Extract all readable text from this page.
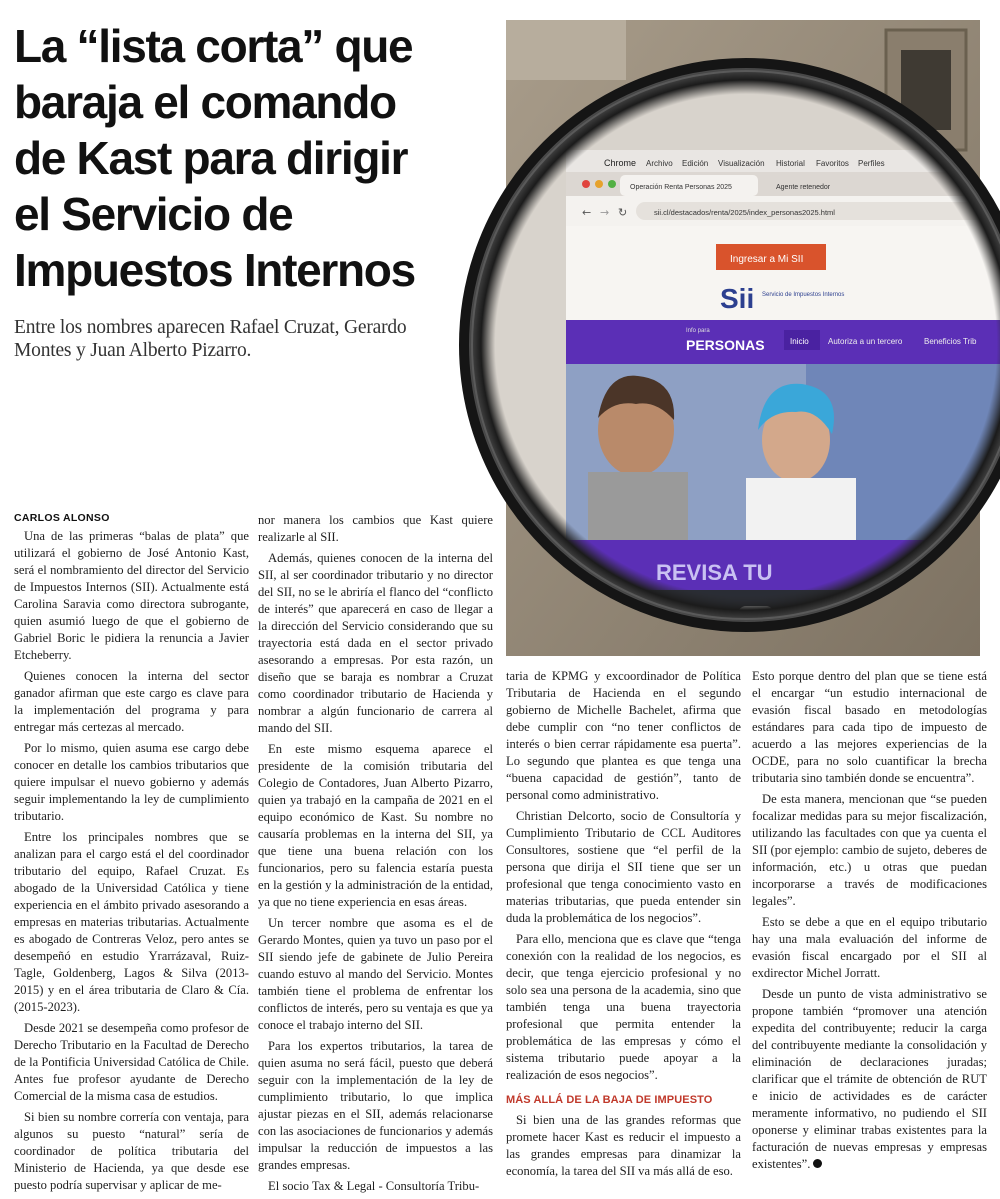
La “lista corta” que
baraja el comando
de Kast para dirigir
el Servicio de
Impuestos Internos
Entre los nombres aparecen Rafael Cruzat, Gerardo
Montes y Juan Alberto Pizarro.
CARLOS ALONSO

Una de las primeras “balas de plata” que utilizará el gobierno de José Antonio Kast, será el nombramiento del director del Servicio de Impuestos Internos (SII). Actualmente está Carolina Saravia como directora subrogante, quien asumió luego de que el gobierno de Gabriel Boric le pidiera la renuncia a Javier Etcheberry.

Quienes conocen la interna del sector ganador afirman que este cargo es clave para la implementación del programa y para entregar más certezas al mercado.

Por lo mismo, quien asuma ese cargo debe conocer en detalle los cambios tributarios que quiere impulsar el nuevo gobierno y además seguir implementando la ley de cumplimiento tributario.

Entre los principales nombres que se analizan para el cargo está el del coordinador tributario del equipo, Rafael Cruzat. Es abogado de la Universidad Católica y tiene experiencia en el ámbito privado asesorando a empresas en materias tributarias. Actualmente es abogado de Contreras Veloz, pero antes se desempeñó en estudio Yrarrázaval, Ruiz-Tagle, Goldenberg, Lagos & Silva (2013-2015) y en el área tributaria de Claro & Cía. (2015-2023).

Desde 2021 se desempeña como profesor de Derecho Tributario en la Facultad de Derecho de la Pontificia Universidad Católica de Chile. Antes fue profesor ayudante de Derecho Comercial de la misma casa de estudios.

Si bien su nombre correría con ventaja, para algunos su puesto “natural” sería de coordinador de política tributaria del Ministerio de Hacienda, ya que desde ese puesto podría supervisar y aplicar de me-

nor manera los cambios que Kast quiere realizarle al SII.

Además, quienes conocen de la interna del SII, al ser coordinador tributario y no director del SII, no se le abriría el flanco del “conflicto de interés” que aparecerá en caso de llegar a la dirección del Servicio considerando que su trayectoria está dada en el sector privado asesorando a empresas. Por esta razón, un diseño que se baraja es nombrar a Cruzat como coordinador tributario de Hacienda y nombrar a algún funcionario de carrera al mando del SII.

En este mismo esquema aparece el presidente de la comisión tributaria del Colegio de Contadores, Juan Alberto Pizarro, quien ya trabajó en la campaña de 2021 en el equipo económico de Kast. Su nombre no causaría problemas en la interna del SII, ya que tiene una buena relación con los funcionarios, pero su falencia estaría puesta en la gestión y la administración de la entidad, ya que no tiene experiencia en esas áreas.

Un tercer nombre que asoma es el de Gerardo Montes, quien ya tuvo un paso por el SII siendo jefe de gabinete de Julio Pereira cuando estuvo al mando del Servicio. Montes también tiene el problema de enfrentar los conflictos de interés, pero su ventaja es que ya conoce el trabajo interno del SII.

Para los expertos tributarios, la tarea de quien asuma no será fácil, puesto que deberá seguir con la implementación de la ley de cumplimiento tributario, lo que implica ajustar piezas en el SII, además relacionarse con las asociaciones de funcionarios y además impulsar la reducción de impuestos a las grandes empresas.

El socio Tax & Legal - Consultoría Tribu-

taria de KPMG y excoordinador de Política Tributaria de Hacienda en el segundo gobierno de Michelle Bachelet, afirma que debe cumplir con “no tener conflictos de interés o bien cerrar rápidamente esa puerta”. Lo segundo que plantea es que tenga una “buena capacidad de gestión”, tanto de personal como administrativo.

Christian Delcorto, socio de Consultoría y Cumplimiento Tributario de CCL Auditores Consultores, sostiene que “el perfil de la persona que dirija el SII tiene que ser un profesional que tenga conocimiento vasto en materias tributarias, que pueda entender sin duda la problemática de los negocios”.

Para ello, menciona que es clave que “tenga conexión con la realidad de los negocios, es decir, que tenga ejercicio profesional y no solo sea una persona de la academia, sino que también tenga una buena trayectoria profesional que permita entender la problemática de las empresas y cómo el sistema tributario puede apoyar a la realización de esos negocios”.

MÁS ALLÁ DE LA BAJA DE IMPUESTO

Si bien una de las grandes reformas que promete hacer Kast es reducir el impuesto a las grandes empresas para dinamizar la economía, la tarea del SII va más allá de eso.

Esto porque dentro del plan que se tiene está el encargar “un estudio internacional de evasión fiscal basado en metodologías estándares para cada tipo de impuesto de acuerdo a las mejores experiencias de la OCDE, para no solo cuantificar la brecha tributaria sino también donde se encuentra”.

De esta manera, mencionan que “se pueden focalizar medidas para su mejor fiscalización, utilizando las facultades con que ya cuenta el SII (por ejemplo: cambio de sujeto, deberes de información, etc.) u otras que puedan incorporarse a través de modificaciones legales”.

Esto se debe a que en el equipo tributario hay una mala evaluación del informe de evasión fiscal encargado por el SII al exdirector Michel Jorratt.

Desde un punto de vista administrativo se propone también “promover una atención expedita del contribuyente; reducir la carga del contribuyente mediante la consolidación y eliminación de declaraciones juradas; clarificar que el trámite de obtención de RUT e inicio de actividades es de carácter meramente informativo, no pudiendo el SII oponerse y eliminar trabas existentes para la facturación de nuevas empresas y empresas existentes”.
